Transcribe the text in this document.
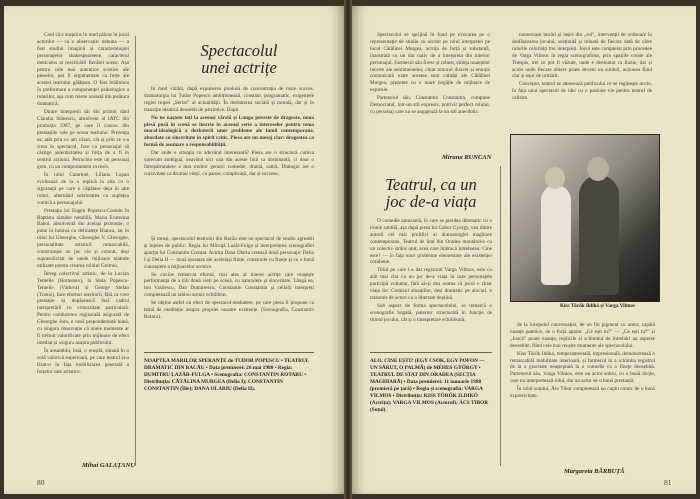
Cred că e surprins în mod plăcut în jocul actorilor — ca o observație: nebuna — a fost studiul imaginii și caracterologiei personajelor shakespeareene, caracterul meticulos al reactivării fiecărei scene. Așa pentru cele mai autentice scenice ale pieselor, pot fi argumentate ca forțe ale acestei teatrului gălățean. O fost întâlnirea în preformare a componenței psihologice a rolurilor, așa cum reiese această din țesătura dramatică.

Dintre interpreții săi din primul rând Claudiu Stănescu, absolvent al IATC din promoția 1987, pe care îl cunosc din prestațiile sale pe scena teatrului. Prezența sa, atât prin ce am văzut, cât și prin ce s-a creat în spectacol, face ca personajul să câștige autenticitatea și forța de a fi în centrul acțiunii. Petruchio este un personaj greu, cu un comportament excesiv.

În rolul Catarinei, Liliana Lupan evoluează de la o replică la alta cu o siguranță pe care o căpătase deja în alte roluri, alternând sobrietatea cu suplețea comică a personajului.

Prestația lui Eugen Popescu-Cosmin în Baptista rămâne notabilă, Maria Ecaterina Baboi, absolventă din același promoție, o pune în lumină cu delicatețe Bianca, iar în rolul lui Gheorghe, Gheorghe V. Gheorghe, personalitate artistică remarcabilă, construiește un joc viu și colorat, deși suprasolicitat de unele mijloace teatrale utilizate pentru crearea rolului Gremio.

Întreg colectivul artistic, de la Lucian Temelie (Hortensio), la Stela Popescu-Temelie (Văduva) și George Stefan (Tranio), face eforturi meritorii, fără ca vreo prestație să depășească însă cadrul interpretării cu virtuozitate particulară. Pentru conducerea regizorală asigurată de Gheorghe Jora, e notă preponderentă bună, cu singura observație că unele momente ar fi trebuit valorificate prin mijloace de efect imediat și «sigur» asupra publicului.

În ansamblu, însă, o reușită, situată în o cotă valorică superioară, pe care teatrul și-a fixat-o în fața mobilizarea generală a forțelor sale artistice.

Mihai GALAȚANU
Spectacolul
unei actrițe

În mod vizibil, după expunerea produsă de concentrația de mare succes, dramaturgia lui Tudor Popescu ambiționează, constant, programatic, exigențele regiei trupei „Sertar” al actualității. În dezbaterea socială și morală, dar și în tranziție ideatică deosebit de patriotice. După

Nu ne naștem toți la aceeași vârstă și Lunga poveste de dragoste, noua piesă pusă în scenă se înscrie în aceeași serie a intereselor pentru tema moral-ideologică a dezbaterii unor probleme ale lumii contemporane, abordate cu sinceritate în spirit critic. Piesa are un mesaj clar: dragostea ca formă de asumare a responsabilității.

Dar unde e situația cu adevărat interesantă? Piesa are o structură cumva oarecum ambiguă, neavând nici una din aceste linii ca dominantă, ci doar o întrepătrundere a mai multor genuri: comedie, dramă, satiră. Dialogul are o cursivitate ca drumul vieții, cu pauze, complicații, dar și succese.

Și totuși, spectacolul teatrului din Bacău este un spectacol de studio agreabil și înțeles de public. Regia lui Mitruță Lazăr-Fulga și interpretarea scenografiei aparțin lui Constantin Cronțat. Actrița Dana Olariu creează două personaje: Delia I și Delia II — două ipostaze ale aceleiași ființe, construite cu finețe și cu o bună cunoaștere a mijloacelor scenice.

Se cuvine remarcat efortul, mai ales al tinerei actrițe care reușește performanța de a trăi două vieți pe scenă, cu naturalețe și sinceritate. Lângă ea, Ion Vasilescu, Dan Dumitrescu, Constantin Constantin și ceilalți interpreți completează un tablou scenic echilibrat.

Se obține astfel un efect de spectacol-dezbatere, pe care piesa îl propune ca temă de meditație asupra propriei noastre existențe. (Scenografia, Constantin Rotaru).

NOAPTEA MARILOR SPERANȚE de TUDOR POPESCU • TEATRUL DRAMATIC DIN BACĂU • Data premierei: 26 mai 1988 • Regia: DUMITRU LAZĂR-FULGA • Scenografia: CONSTANTIN ROTARU • Distribuția: CĂTĂLINA MURGEA (Delia I); CONSTANTIN CONSTANTIN (Ilie); DANA OLARIU (Delia II).

80

Spectacolul se sprijină în fond pe evocarea pe o reprezentație de studio cu accent pe rolul interpretei pe locul Cătălinei Murgea, actrița de forță și substanță, înzestrată cu un dar nativ de a interpreta din interior personajul. Farmecul său firesc și robust, știința nuanțelor incerte ale sentimentelor, chiar umorul discret și emoția comunicată toate acestea sunt calități ale Cătălinei Murgea, prezente cu o mare bogăție de mijloace de expresie.

Partenerul său, Constantin Constantin, compune Democratul, într-un stil expresiv, potrivit perfect rolului, cu personaj care nu se angajează la un stil anecdotic.

Miruna RUNCAN

numeroase intrări și ieșiri din „rol”, intervenții de ordonare în desfășurarea jocului, susținută și reluată de fiecare dată de către rolurile celorlalți trei interpreți. Jocul este completat prin procedee de Varga Vilmos în regia scenografului, prin spațiile create ale Thespis, trei ce pot fi văzute, unde e demontat ca iluzie, dar și acolo unde fiecare obiect poate deveni un simbol, acțiunea fiind clar și ușor de urmărit.

Conceput, teatrul se adresează publicului ce se regăsește acolo, în fața unui spectacol de idei cu o pasiune vie pentru teatrul de calitate.

Teatrul, ca un
joc de-a viața

O comedie amuzantă, în care se pierdea dilematic cu o ironie subtilă, așa după piesa lui Gabor Gyorgy, una dintre autorii cei mai prolifici ai dramaturgiei maghiare contemporane, Teatrul de Stat din Oradea montând-o cu un colectiv strâns unit, acea care îmbracă întrebarea: Cine este? — în fața unor probleme elementare ale existenței cotidiene.

Titlul pe care l-a dat regizorul Varga Vilmos, este cu atât mai clar ca un joc de-a viața în care personajele participă voluntar, fără să-și dea seama că jocul e chiar viața lor. Comicul situațiilor, deși dramatic pe alocuri, e transmis de actori cu o libertate deplină.

Sub aspect de forma spectacolului, se remarcă o scenografie bogată, puternic structurată în funcție de ritmul jocului, cât și o interpretare echilibrată.

ALO, CINE EȘTI? (EGY CSÓK, EGY POFON — UN SĂRUT, O PALMĂ) de MÉHES GYÖRGY • TEATRUL DE STAT DIN ORADEA (SECȚIA MAGHIARĂ) • Data premierei: 11 ianuarie 1988 (premieră pe țară) • Regia și scenografia: VARGA VILMOS • Distribuția: KISS TÖRÖK ILDIKÓ (Actrița); VARGA VILMOS (Actorul); ÁCS TIBOR (Soțul).

de la începutul conversației, de un fin pigment cu umor, capătă nuanțe patetice, de o forță aparte: „Ce ești tu?” — „Ce ești tu?” și „Joacă” poate nuanța, replicile și schimbul de întrebări au aspecte deosebite, fiind cele mai reușite momente ale spectacolului.

Kiss Török Ildikó, temperamentală, impresională, demonstrează o remarcabilă mobilitate interioară, și farmecul în a schimba registrul de la o gravitate neașteptată la o comedie cu o finețe deosebită. Partenerul său, Varga Vilmos, este un actor sobru, cu o bună dicție, care nu interpretează rolul, dar un actor de o bună prestanță.

În rolul soțului, Ács Tibor completează un cuplu comic de o bună expresivitate.

Margareta BĂRBUȚĂ
81
Kiss Török Ildikó și Varga Vilmos
